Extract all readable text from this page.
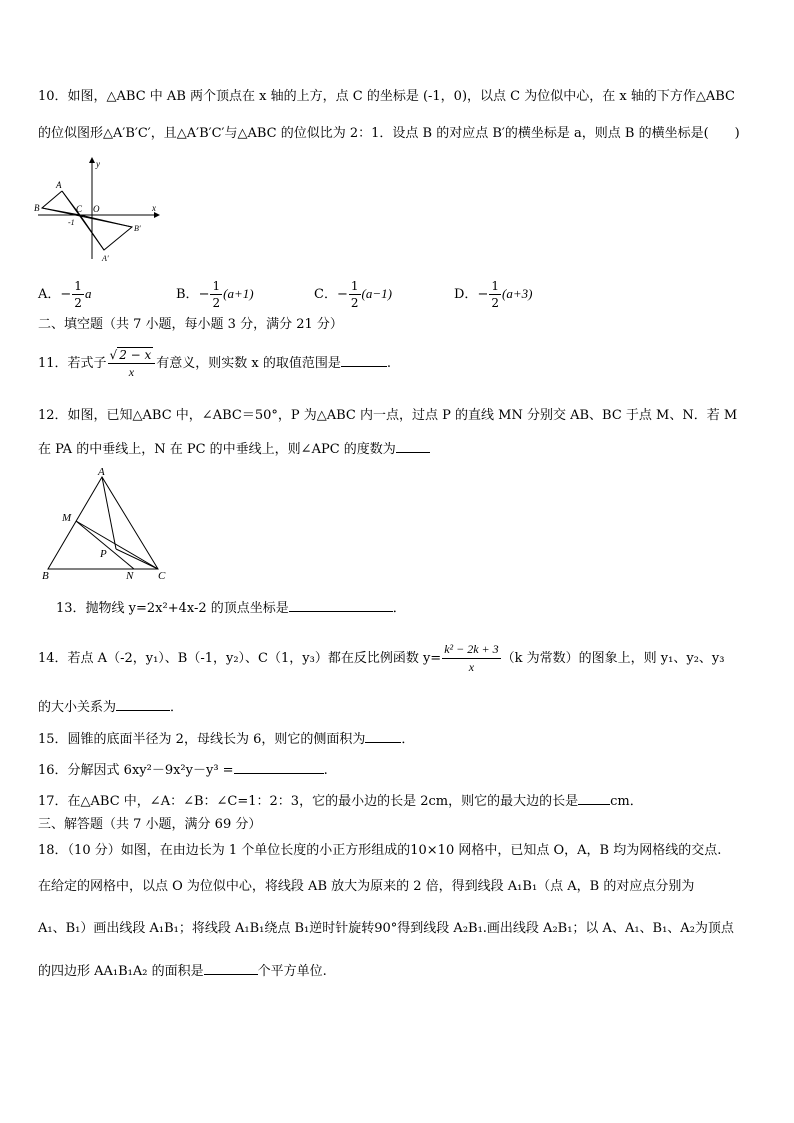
10．如图，△ABC 中 AB 两个顶点在 x 轴的上方，点 C 的坐标是 (-1，0)，以点 C 为位似中心，在 x 轴的下方作△ABC
的位似图形△A′B′C′，且△A′B′C′与△ABC 的位似比为 2：1．设点 B 的对应点 B′的横坐标是 a，则点 B 的横坐标是(　　)
y
x
A
B	C O
-1
B′
A′
A．− $\frac{1}{2}$ a	B．− $\frac{1}{2} (a+1)$	C．− $\frac{1}{2} (a-1)$	D．− $\frac{1}{2} (a+3)$
二、填空题（共 7 小题，每小题 3 分，满分 21 分）
11．若式子 $\frac{√ 2 - x}{x}$ 有意义，则实数 x 的取值范围是	.
12．如图，已知△ABC 中，∠ABC＝50°，P 为△ABC 内一点，过点 P 的直线 MN 分别交 AB、BC 于点 M、N．若 M
在 PA 的中垂线上，N 在 PC 的中垂线上，则∠APC 的度数为
A
M
P
B	N C
13．抛物线 y=2x²+4x-2 的顶点坐标是	．
14．若点 A（-2，y₁）、B（-1，y₂）、C（1，y₃）都在反比例函数 $y= \frac{\text{k² − 2k + 3}}{x} (k$ 为常数）的图象上，则 y₁、y₂、y₃
的大小关系为	．
15．圆锥的底面半径为 2，母线长为 6，则它的侧面积为	．
16．分解因式 6xy²－9x²y－y³ =	.
17．在△ABC 中，∠A：∠B：∠C=1：2：3，它的最小边的长是 2cm，则它的最大边的长是 cm．
三、解答题（共 7 小题，满分 69 分）
18．（10 分）如图，在由边长为 1 个单位长度的小正方形组成的10×10 网格中，已知点 O，A，B 均为网格线的交点.
在给定的网格中，以点 O 为位似中心，将线段 AB 放大为原来的 2 倍，得到线段 A₁B₁（点 A，B 的对应点分别为
A₁、B₁）画出线段 A₁B₁；将线段 A₁B₁绕点 B₁逆时针旋转90°得到线段 A₂B₁.画出线段 A₂B₁；以 A、A₁、B₁、A₂为顶点
的四边形 AA₁B₁A₂ 的面积是	个平方单位.
